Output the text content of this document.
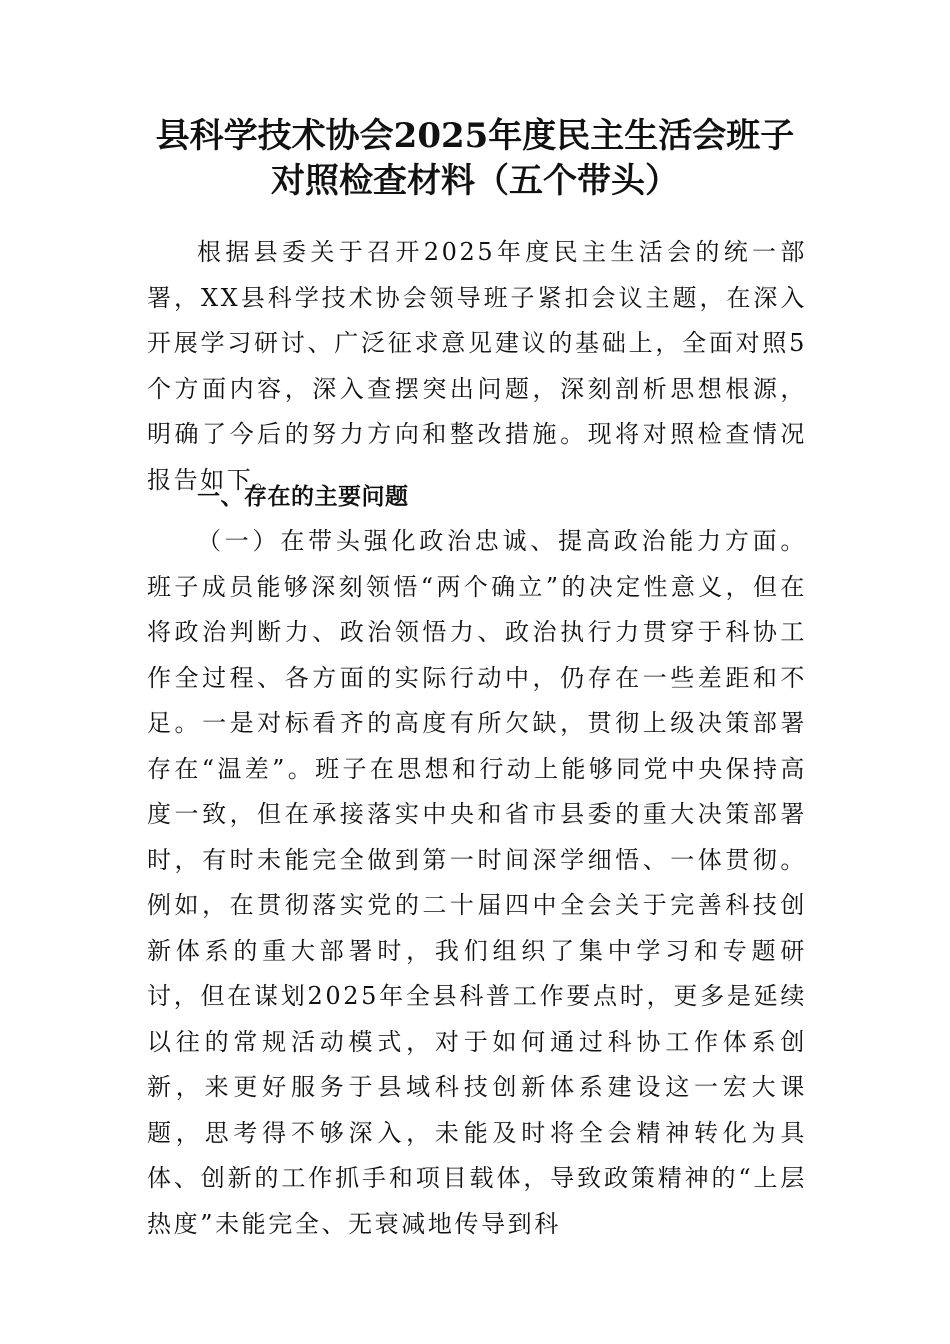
县科学技术协会2025年度民主生活会班子
对照检查材料（五个带头）

根据县委关于召开2025年度民主生活会的统一部署，XX县科学技术协会领导班子紧扣会议主题，在深入开展学习研讨、广泛征求意见建议的基础上，全面对照5个方面内容，深入查摆突出问题，深刻剖析思想根源，明确了今后的努力方向和整改措施。现将对照检查情况报告如下。

一、存在的主要问题

（一）在带头强化政治忠诚、提高政治能力方面。班子成员能够深刻领悟“两个确立”的决定性意义，但在将政治判断力、政治领悟力、政治执行力贯穿于科协工作全过程、各方面的实际行动中，仍存在一些差距和不足。一是对标看齐的高度有所欠缺，贯彻上级决策部署存在“温差”。班子在思想和行动上能够同党中央保持高度一致，但在承接落实中央和省市县委的重大决策部署时，有时未能完全做到第一时间深学细悟、一体贯彻。例如，在贯彻落实党的二十届四中全会关于完善科技创新体系的重大部署时，我们组织了集中学习和专题研讨，但在谋划2025年全县科普工作要点时，更多是延续以往的常规活动模式，对于如何通过科协工作体系创新，来更好服务于县域科技创新体系建设这一宏大课题，思考得不够深入，未能及时将全会精神转化为具体、创新的工作抓手和项目载体，导致政策精神的“上层热度”未能完全、无衰减地传导到科
